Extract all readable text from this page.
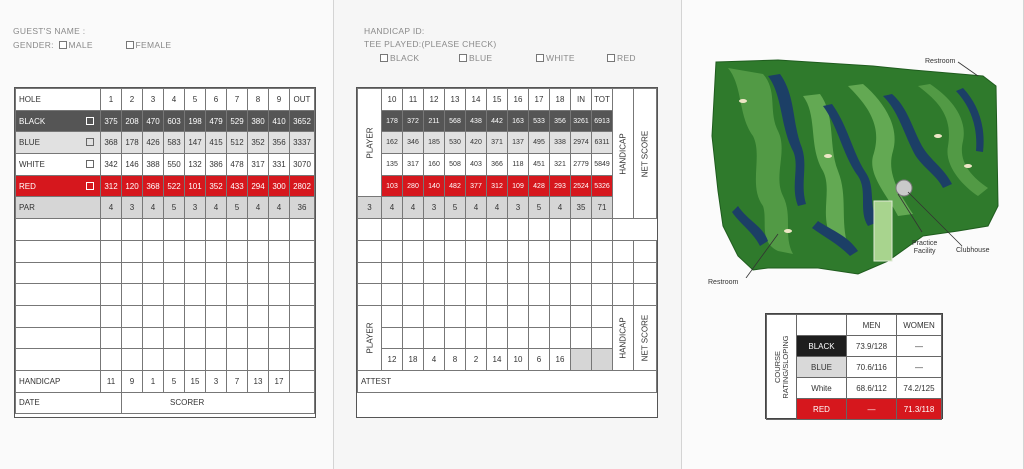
GUEST'S NAME :
GENDER: MALE	FEMALE
HANDICAP ID:
TEE PLAYED:(PLEASE CHECK)
BLACK	BLUE	WHITE	RED
HOLE	1	2	3	4	5	6	7	8	9	OUT
BLACK	375	208	470	603	198	479	529	380	410	3652
BLUE	368	178	426	583	147	415	512	352	356	3337
WHITE	342	146	388	550	132	386	478	317	331	3070
RED	312	120	368	522	101	352	433	294	300	2802
PAR	4	3	4	5	3	4	5	4	4	36

HANDICAP	11	9	1	5	15	3	7	13	17	
DATE		SCORER								
PLAYER	10	11	12	13	14	15	16	17	18	IN	TOT	HANDICAP	NET SCORE

	178	372	211	568	438	442	163	533	356	3261	6913		
	162	346	185	530	420	371	137	495	338	2974	6311		
	135	317	160	508	403	366	118	451	321	2779	5849		
	103	280	140	482	377	312	109	428	293	2524	5326		
3	4	4	3	5	4	4	3	5	4	35	71		

PLAYER												HANDICAP	NET SCORE

	12	18	4	8	2	14	10	6	16				
ATTEST													
Restroom
Restroom
Practice
Facility	Clubhouse
COURSE RATING/SLOPING		MEN	WOMEN
	BLACK	73.9/128	—
	BLUE	70.6/116	—
	White	68.6/112	74.2/125
	RED	—	71.3/118
